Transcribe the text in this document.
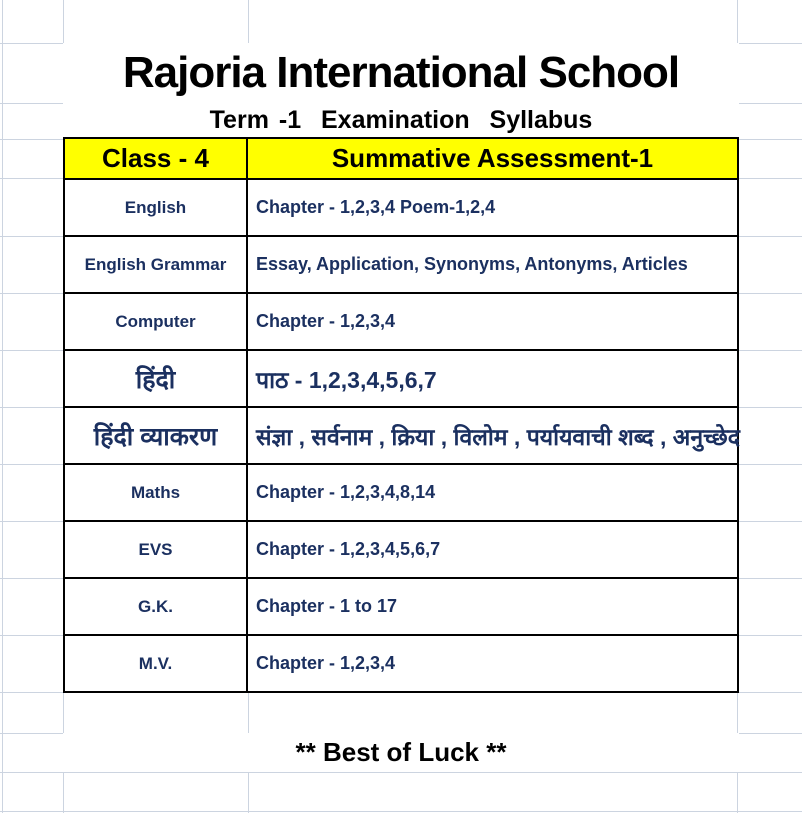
Rajoria International School
Term -1  Examination  Syllabus
Class - 4	Summative Assessment-1
English	Chapter - 1,2,3,4 Poem-1,2,4
English Grammar	Essay, Application, Synonyms, Antonyms, Articles
Computer	Chapter - 1,2,3,4
हिंदी	पाठ - 1,2,3,4,5,6,7
हिंदी व्याकरण	संज्ञा , सर्वनाम , क्रिया , विलोम , पर्यायवाची शब्द , अनुच्छेद
Maths	Chapter - 1,2,3,4,8,14
EVS	Chapter - 1,2,3,4,5,6,7
G.K.	Chapter - 1 to 17
M.V.	Chapter - 1,2,3,4
** Best of Luck **
